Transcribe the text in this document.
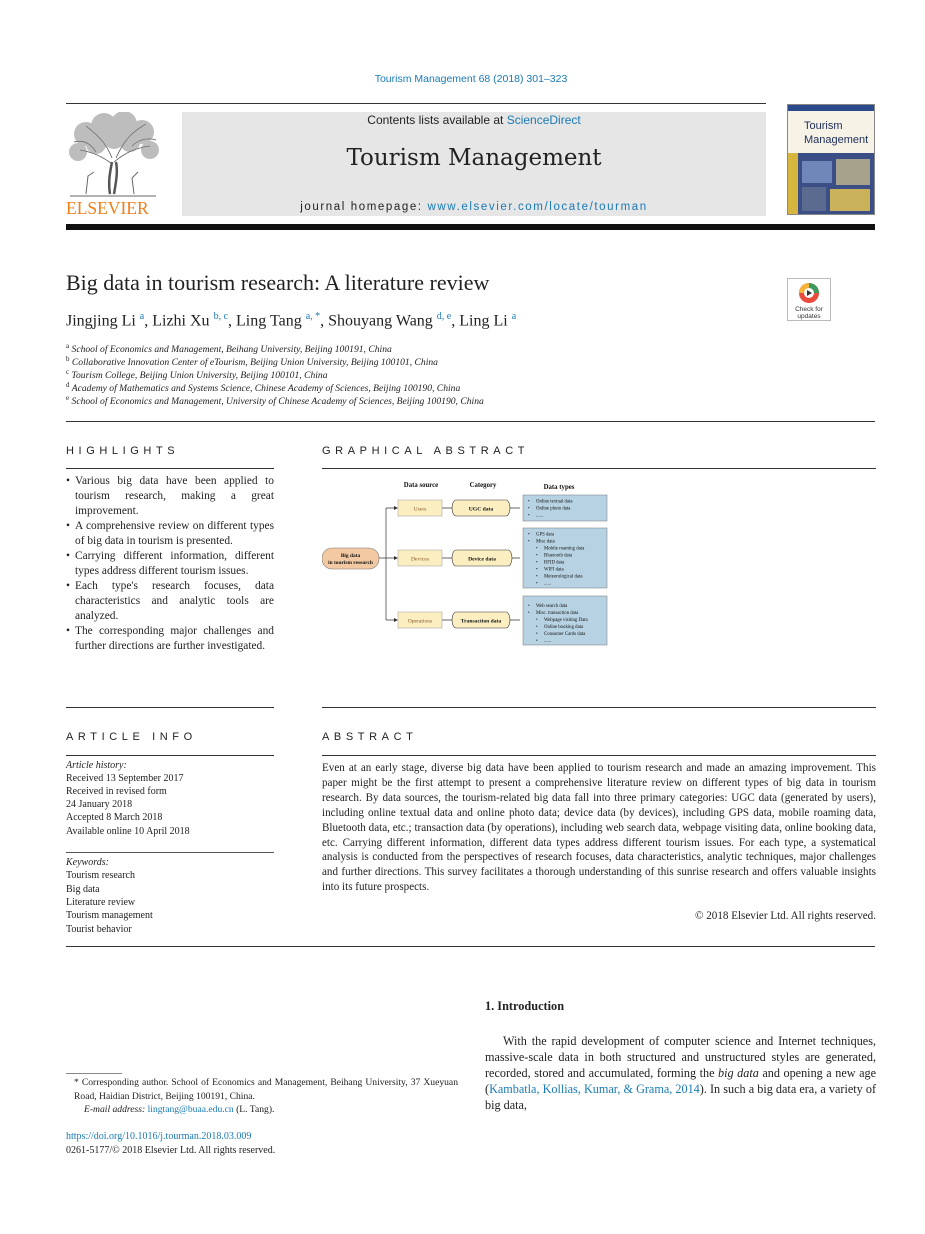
Tourism Management 68 (2018) 301–323
ELSEVIER
Contents lists available at ScienceDirect
Tourism Management
journal homepage: www.elsevier.com/locate/tourman
Tourism
Management
Big data in tourism research: A literature review
Check for
updates
Jingjing Li $^a$, Lizhi Xu $^{b, c}$, Ling Tang $^{a, *}$, Shouyang Wang $^{d, e}$, Ling Li $^a$
$^a$ School of Economics and Management, Beihang University, Beijing 100191, China
$^b$ Collaborative Innovation Center of eTourism, Beijing Union University, Beijing 100101, China
$^c$ Tourism College, Beijing Union University, Beijing 100101, China
$^d$ Academy of Mathematics and Systems Science, Chinese Academy of Sciences, Beijing 100190, China
$^e$ School of Economics and Management, University of Chinese Academy of Sciences, Beijing 100190, China
HIGHLIGHTS
• Various big data have been applied to tourism research, making a great improvement.
• A comprehensive review on different types of big data in tourism is presented.
• Carrying different information, different types address different tourism issues.
• Each type's research focuses, data characteristics and analytic tools are analyzed.
• The corresponding major challenges and further directions are further investigated.
GRAPHICAL ABSTRACT
Data source	Category	Data types
Big data
in tourism research
Users
Devices
Operations
UGC data
Device data
Transaction data
• Online textual data
• Online photo data
• ......
• GPS data
• Misc data
• Mobile roaming data
• Bluetooth data
• RFID data
• WIFI data
• Meteorological data
• ......
• Web search data
• Misc. transaction data
• Webpage visiting Data
• Online booking data
• Consumer Cards data
• ......
ARTICLE INFO
Article history:
Received 13 September 2017
Received in revised form
24 January 2018
Accepted 8 March 2018
Available online 10 April 2018
Keywords:
Tourism research
Big data
Literature review
Tourism management
Tourist behavior
ABSTRACT
Even at an early stage, diverse big data have been applied to tourism research and made an amazing improvement. This paper might be the first attempt to present a comprehensive literature review on different types of big data in tourism research. By data sources, the tourism-related big data fall into three primary categories: UGC data (generated by users), including online textual data and online photo data; device data (by devices), including GPS data, mobile roaming data, Bluetooth data, etc.; transaction data (by operations), including web search data, webpage visiting data, online booking data, etc. Carrying different information, different data types address different tourism issues. For each type, a systematical analysis is conducted from the perspectives of research focuses, data characteristics, analytic techniques, major challenges and further directions. This survey facilitates a thorough understanding of this sunrise research and offers valuable insights into its future prospects.
© 2018 Elsevier Ltd. All rights reserved.
1. Introduction

With the rapid development of computer science and Internet techniques, massive-scale data in both structured and unstructured styles are generated, recorded, stored and accumulated, forming the big data and opening a new age (Kambatla, Kollias, Kumar, & Grama, 2014). In such a big data era, a variety of big data,

* Corresponding author. School of Economics and Management, Beihang University, 37 Xueyuan Road, Haidian District, Beijing 100191, China.
E-mail address: lingtang@buaa.edu.cn (L. Tang).
https://doi.org/10.1016/j.tourman.2018.03.009
0261-5177/© 2018 Elsevier Ltd. All rights reserved.
